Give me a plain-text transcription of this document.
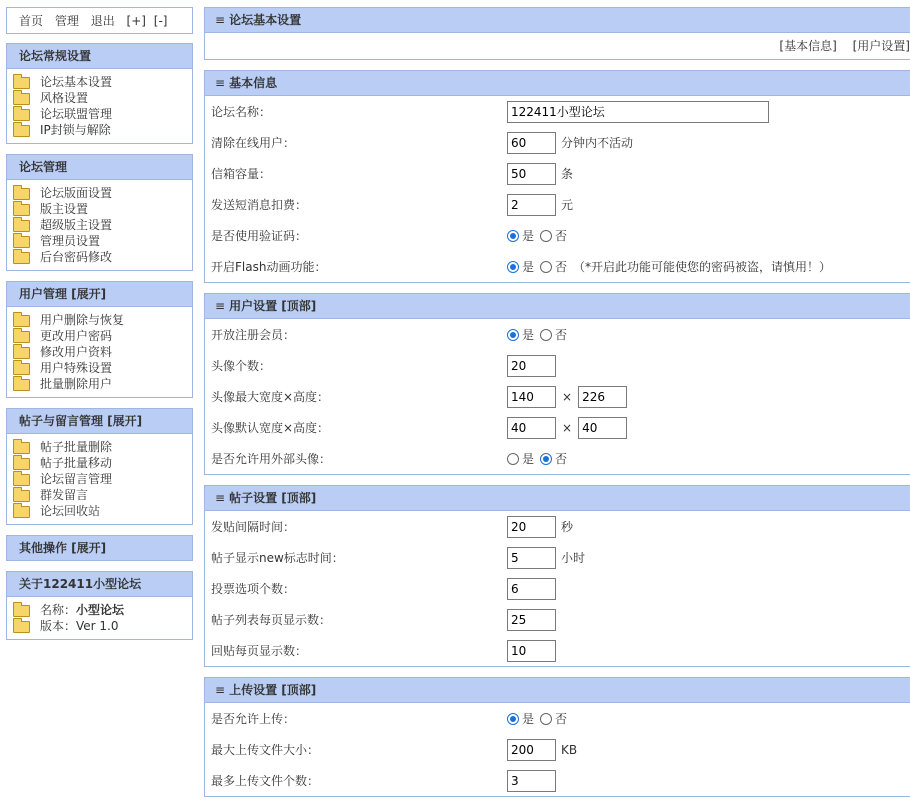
首页 管理 退出 [+] [-]
论坛常规设置
论坛基本设置
风格设置
论坛联盟管理
IP封锁与解除
论坛管理
论坛版面设置
版主设置
超级版主设置
管理员设置
后台密码修改
用户管理 [展开]
用户删除与恢复
更改用户密码
修改用户资料
用户特殊设置
批量删除用户
帖子与留言管理 [展开]
帖子批量删除
帖子批量移动
论坛留言管理
群发留言
论坛回收站
其他操作 [展开]
关于122411小型论坛
名称： 小型论坛
版本： Ver 1.0
≡ 论坛基本设置
[基本信息] [用户设置]
≡ 基本信息
论坛名称：
122411小型论坛
清除在线用户：
60	分钟内不活动
信箱容量：
50	条
发送短消息扣费：
2	元
是否使用验证码：	是 否
开启Flash动画功能：	是 否 （*开启此功能可能使您的密码被盗，请慎用！）
≡ 用户设置 [顶部]
开放注册会员：	是 否
头像个数：
20
头像最大宽度×高度：
140	×
226
头像默认宽度×高度：
40	×
40
是否允许用外部头像：	是 否
≡ 帖子设置 [顶部]
发贴间隔时间：
20	秒
帖子显示new标志时间：
5	小时
投票选项个数：
6
帖子列表每页显示数：
25
回贴每页显示数：
10
≡ 上传设置 [顶部]
是否允许上传：	是 否
最大上传文件大小：
200	KB
最多上传文件个数：
3
